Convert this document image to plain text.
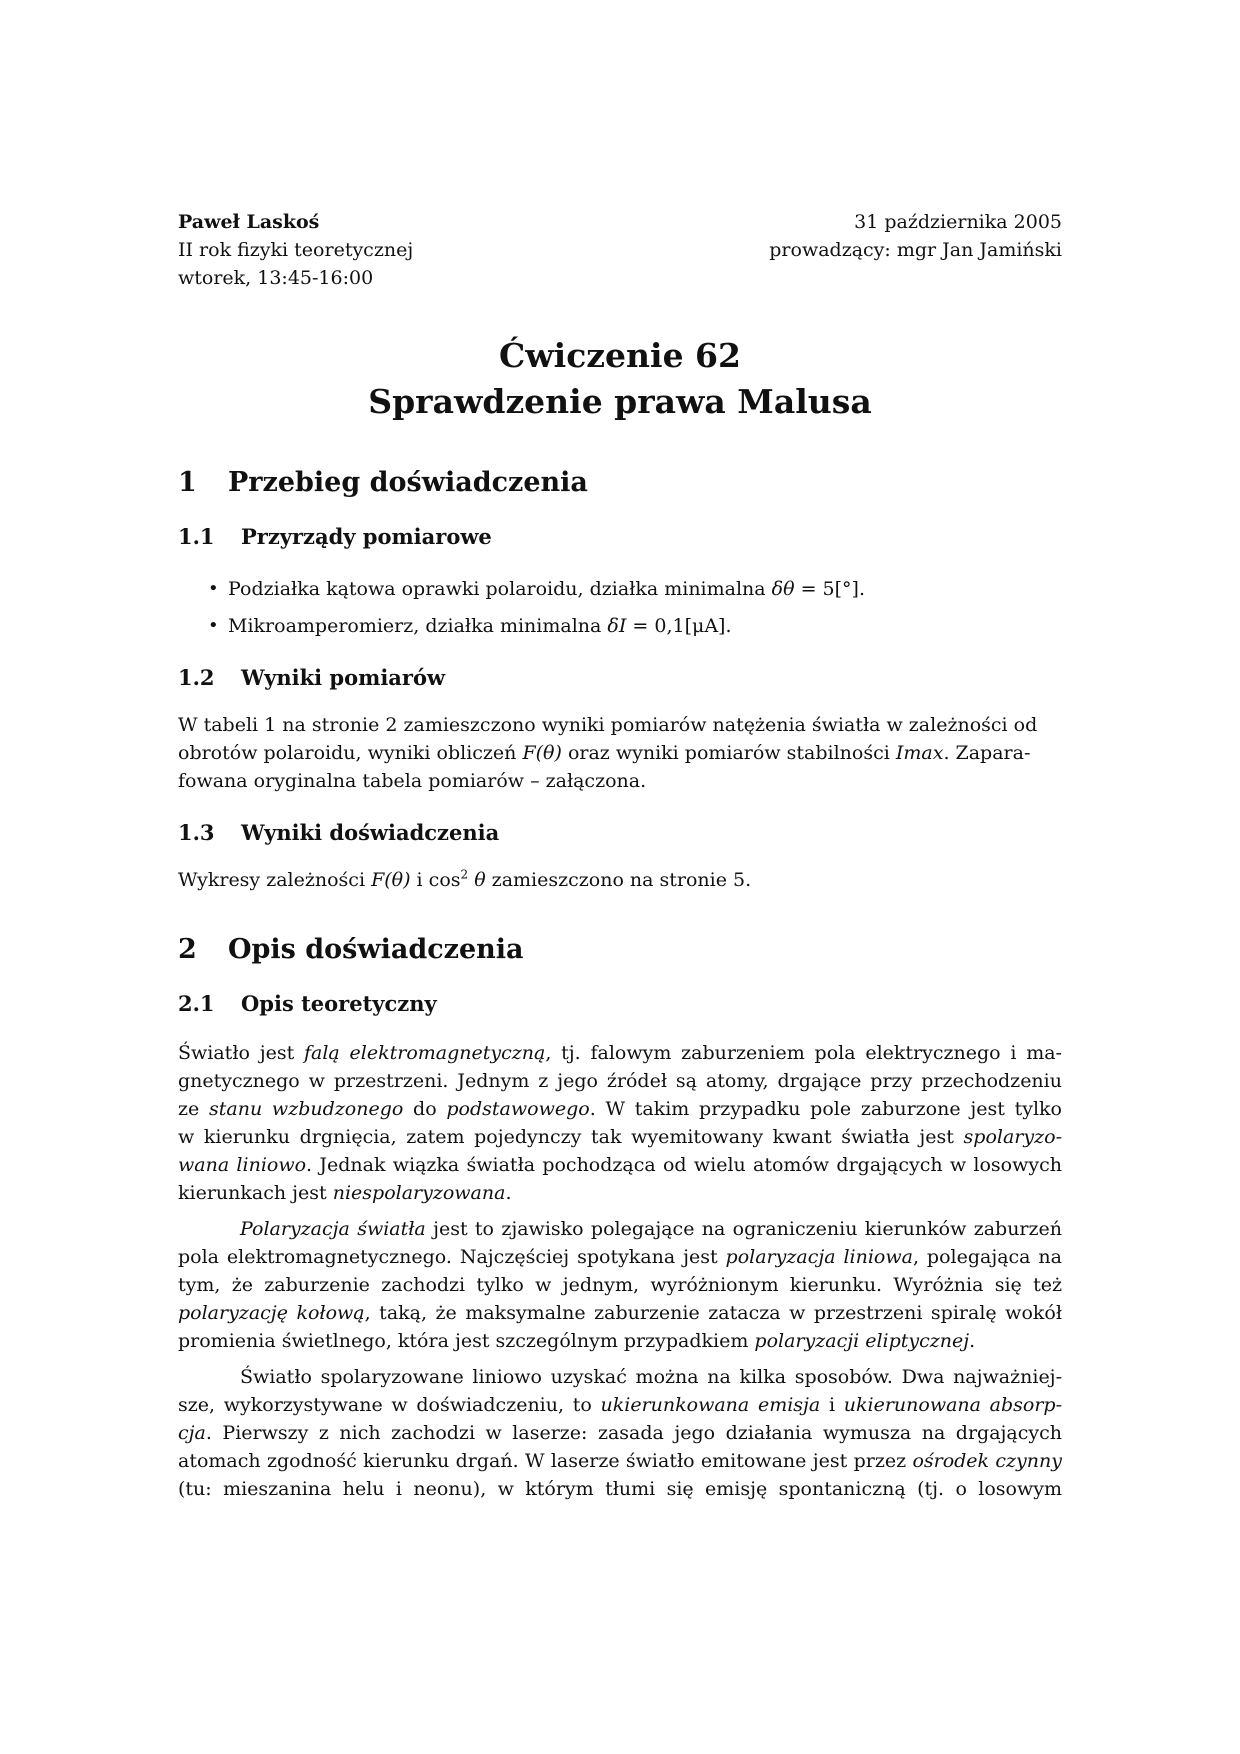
Paweł Laskoś
II rok fizyki teoretycznej
wtorek, 13:45-16:00
31 października 2005
prowadzący: mgr Jan Jamiński
Ćwiczenie 62
Sprawdzenie prawa Malusa
1	Przebieg doświadczenia
1.1	Przyrządy pomiarowe
• Podziałka kątowa oprawki polaroidu, działka minimalna δθ = 5[°].
• Mikroamperomierz, działka minimalna δI = 0,1[μA].
1.2	Wyniki pomiarów
W tabeli 1 na stronie 2 zamieszczono wyniki pomiarów natężenia światła w zależności od
obrotów polaroidu, wyniki obliczeń F(θ) oraz wyniki pomiarów stabilności Imax. Zapara-
fowana oryginalna tabela pomiarów – załączona.
1.3	Wyniki doświadczenia
Wykresy zależności F(θ) i $\cos^2 \theta$ zamieszczono na stronie 5.
2	Opis doświadczenia
2.1	Opis teoretyczny
Światło jest falą elektromagnetyczną, tj. falowym zaburzeniem pola elektrycznego i ma-
gnetycznego w przestrzeni. Jednym z jego źródeł są atomy, drgające przy przechodzeniu
ze stanu wzbudzonego do podstawowego. W takim przypadku pole zaburzone jest tylko
w kierunku drgnięcia, zatem pojedynczy tak wyemitowany kwant światła jest spolaryzo-
wana liniowo. Jednak wiązka światła pochodząca od wielu atomów drgających w losowych
kierunkach jest niespolaryzowana.
Polaryzacja światła jest to zjawisko polegające na ograniczeniu kierunków zaburzeń
pola elektromagnetycznego. Najczęściej spotykana jest polaryzacja liniowa, polegająca na
tym, że zaburzenie zachodzi tylko w jednym, wyróżnionym kierunku. Wyróżnia się też
polaryzację kołową, taką, że maksymalne zaburzenie zatacza w przestrzeni spiralę wokół
promienia świetlnego, która jest szczególnym przypadkiem polaryzacji eliptycznej.
Światło spolaryzowane liniowo uzyskać można na kilka sposobów. Dwa najważniej-
sze, wykorzystywane w doświadczeniu, to ukierunkowana emisja i ukierunowana absorp-
cja. Pierwszy z nich zachodzi w laserze: zasada jego działania wymusza na drgających
atomach zgodność kierunku drgań. W laserze światło emitowane jest przez ośrodek czynny
(tu: mieszanina helu i neonu), w którym tłumi się emisję spontaniczną (tj. o losowym
